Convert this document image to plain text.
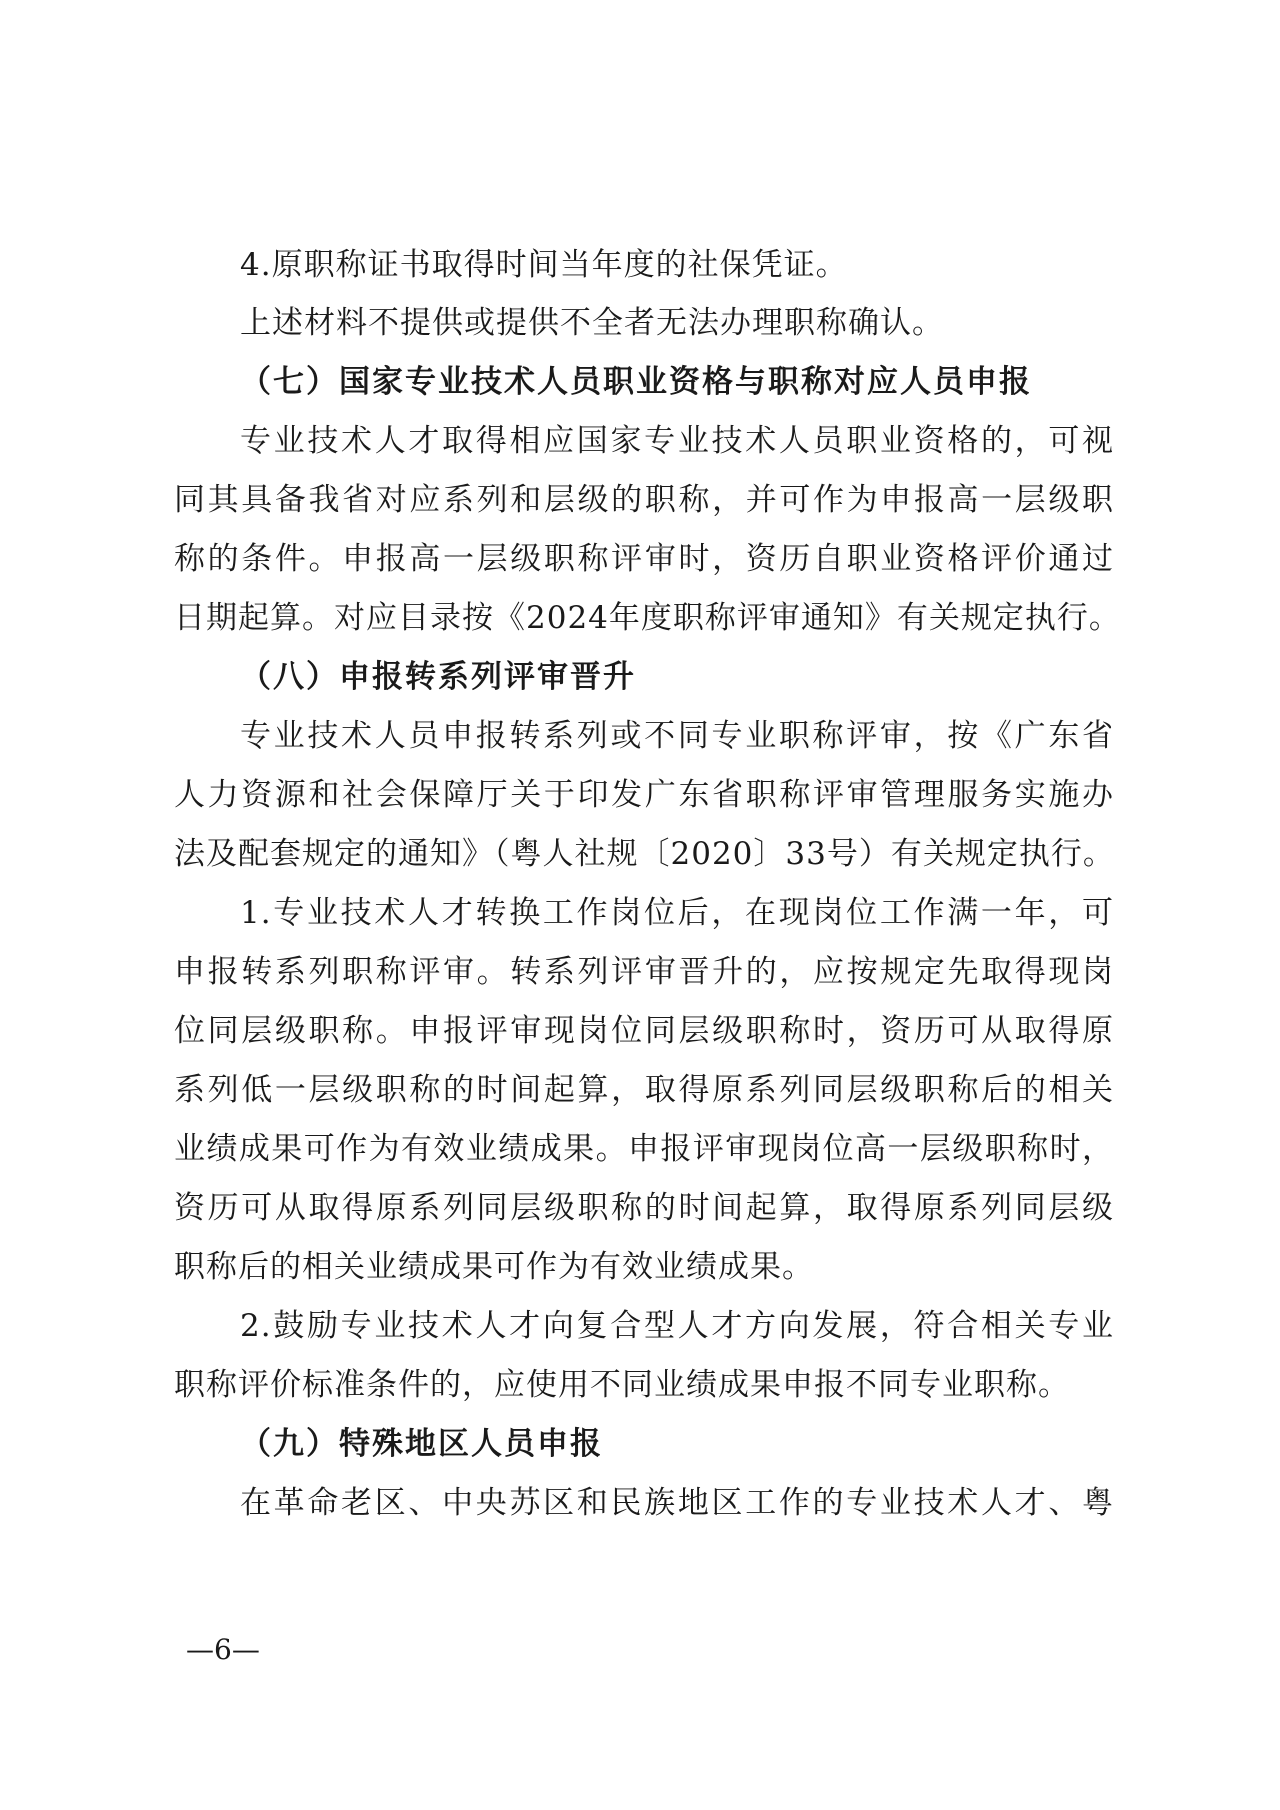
4.原职称证书取得时间当年度的社保凭证。
上述材料不提供或提供不全者无法办理职称确认。
（七）国家专业技术人员职业资格与职称对应人员申报
专业技术人才取得相应国家专业技术人员职业资格的，可视
同其具备我省对应系列和层级的职称，并可作为申报高一层级职
称的条件。申报高一层级职称评审时，资历自职业资格评价通过
日期起算。对应目录按《2024年度职称评审通知》有关规定执行。
（八）申报转系列评审晋升
专业技术人员申报转系列或不同专业职称评审，按《广东省
人力资源和社会保障厅关于印发广东省职称评审管理服务实施办
法及配套规定的通知》（粤人社规〔2020〕33号）有关规定执行。
1.专业技术人才转换工作岗位后，在现岗位工作满一年，可
申报转系列职称评审。转系列评审晋升的，应按规定先取得现岗
位同层级职称。申报评审现岗位同层级职称时，资历可从取得原
系列低一层级职称的时间起算，取得原系列同层级职称后的相关
业绩成果可作为有效业绩成果。申报评审现岗位高一层级职称时，
资历可从取得原系列同层级职称的时间起算，取得原系列同层级
职称后的相关业绩成果可作为有效业绩成果。
2.鼓励专业技术人才向复合型人才方向发展，符合相关专业
职称评价标准条件的，应使用不同业绩成果申报不同专业职称。
（九）特殊地区人员申报
在革命老区、中央苏区和民族地区工作的专业技术人才、粤
—6—
